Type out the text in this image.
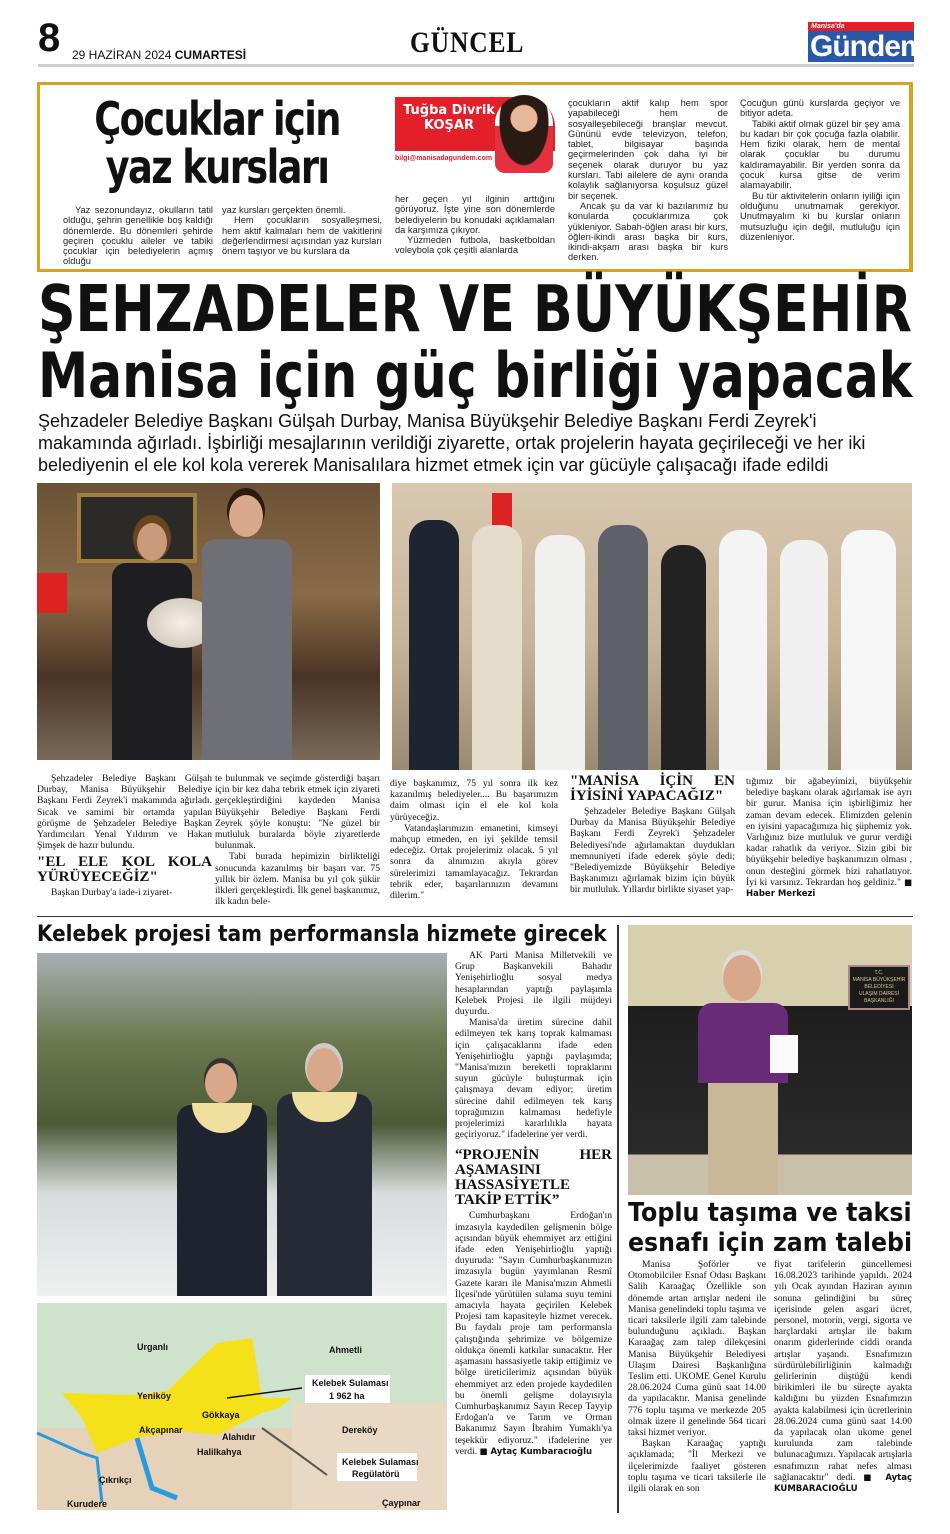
8 29 HAZİRAN 2024 CUMARTESİ	GÜNCEL	Manisa'da
Gündem
Çocuklar için yaz kursları
Tuğba Divrik
KOŞAR
bilgi@manisadagundem.com

Yaz sezonundayız, okulların tatil olduğu, şehrin genellikle boş kaldığı dönemlerde. Bu dönemleri şehirde geçiren çocuklu aileler ve tabiki çocuklar için belediyelerin açmış olduğu

yaz kursları gerçekten önemli.

Hem çocukların sosyalleşmesi, hem aktif kalmaları hem de vakitlerini değerlendirmesi açısından yaz kursları önem taşıyor ve bu kurslara da

her geçen yıl ilginin arttığını görüyoruz. İşte yine son dönemlerde belediyelerin bu konudaki açıklamaları da karşımıza çıkıyor.

Yüzmeden futbola, basketboldan voleybola çok çeşitli alanlarda

çocukların aktif kalıp hem spor yapabileceği hem de sosyalleşebileceği branşlar mevcut. Gününü evde televizyon, telefon, tablet, bilgisayar başında geçirmelerinden çok daha iyi bir seçenek olarak duruyor bu yaz kursları. Tabi ailelere de aynı oranda kolaylık sağlanıyorsa koşulsuz güzel bir seçenek.

Ancak şu da var ki bazılarımız bu konularda çocuklarımıza çok yükleniyor. Sabah-öğlen arası bir kurs, öğlen-ikindi arası başka bir kurs, ikindi-akşam arası başka bir kurs derken.

Çocuğun günü kurslarda geçiyor ve bitiyor adeta.

Tabiki aktif olmak güzel bir şey ama bu kadarı bir çok çocuğa fazla olabilir. Hem fiziki olarak, hem de mental olarak çocuklar bu durumu kaldıramayabilir. Bir yerden sonra da çocuk kursa gitse de verim alamayabilir.

Bu tür aktivitelerin onların iyiliği için olduğunu unutmamak gerekiyor. Unutmayalım ki bu kurslar onların mutsuzluğu için değil, mutluluğu için düzenleniyor.

ŞEHZADELER VE BÜYÜKŞEHİR
Manisa için güç birliği yapacak
Şehzadeler Belediye Başkanı Gülşah Durbay, Manisa Büyükşehir Belediye Başkanı Ferdi Zeyrek'i makamında ağırladı. İşbirliği mesajlarının verildiği ziyarette, ortak projelerin hayata geçirileceği ve her iki belediyenin el ele kol kola vererek Manisalılara hizmet etmek için var gücüyle çalışacağı ifade edildi

Şehzadeler Belediye Başkanı Gülşah Durbay, Manisa Büyükşehir Belediye Başkanı Ferdi Zeyrek'i makamında ağırladı. Sıcak ve samimi bir ortamda yapılan görüşme de Şehzadeler Belediye Başkan Yardımcıları Yenal Yıldırım ve Hakan Şimşek de hazır bulundu.

"EL ELE KOL KOLA YÜRÜYECEĞİZ"

Başkan Durbay'a iade-i ziyaret-

te bulunmak ve seçimde gösterdiği başarı için bir kez daha tebrik etmek için ziyareti gerçekleştirdiğini kaydeden Manisa Büyükşehir Belediye Başkanı Ferdi Zeyrek şöyle konuştu: "Ne güzel bir mutluluk buralarda böyle ziyaretlerde bulunmak.

Tabi burada hepimizin birlikteliği sonucunda kazanılmış bir başarı var. 75 yıllık bir özlem. Manisa bu yıl çok şükür ilkleri gerçekleştirdi. İlk genel başkanımız, ilk kadın bele-

diye başkanımız, 75 yıl sonra ilk kez kazanılmış belediyeler.... Bu başarımızın daim olması için el ele kol kola yürüyeceğiz.

Vatandaşlarımızın emanetini, kimseyi mahçup etmeden, en iyi şekilde temsil edeceğiz. Ortak projelerimiz olacak. 5 yıl sonra da alnımızın akıyla görev sürelerimizi tamamlayacağız. Tekrardan tebrik eder, başarılarınızın devamını dilerim."

"MANİSA İÇİN EN İYİSİNİ YAPACAĞIZ"

Şehzadeler Belediye Başkanı Gülşah Durbay da Manisa Büyükşehir Belediye Başkanı Ferdi Zeyrek'i Şehzadeler Belediyesi'nde ağırlamaktan duydukları memnuniyeti ifade ederek şöyle dedi; "Belediyemizde Büyükşehir Belediye Başkanımızı ağırlamak bizim için büyük bir mutluluk. Yıllardır birlikte siyaset yap-

tığımız bir ağabeyimizi, büyükşehir belediye başkanı olarak ağırlamak ise ayrı bir gurur. Manisa için işbirliğimiz her zaman devam edecek. Elimizden gelenin en iyisini yapacağımıza hiç şüphemiz yok. Varlığınız bize mutluluk ve gurur verdiği kadar rahatlık da veriyor. Sizin gibi bir büyükşehir belediye başkanımızın olması , onun desteğini görmek bizi rahatlatıyor. İyi ki varsınız. Tekrardan hoş geldiniz." ■ Haber Merkezi

Kelebek projesi tam performansla hizmete girecek
Urganlı	Ahmetli
Yeniköy
Gökkaya
Akçapınar
Alahıdır
Dereköy
Halilkahya
Çıkrıkçı
Kurudere	Çaypınar
Kelebek Sulaması
1 962 ha
Kelebek Sulaması
Regülatörü

AK Parti Manisa Milletvekili ve Grup Başkanvekili Bahadır Yenişehirlioğlu sosyal medya hesaplarından yaptığı paylaşımla Kelebek Projesi ile ilgili müjdeyi duyurdu.

Manisa'da üretim sürecine dahil edilmeyen tek karış toprak kalmaması için çalışacaklarını ifade eden Yenişehirlioğlu yaptığı paylaşımda; "Manisa'mızın bereketli topraklarını suyun gücüyle buluşturmak için çalışmaya devam ediyor; üretim sürecine dahil edilmeyen tek karış toprağımızın kalmaması hedefiyle projelerimizi kararlılıkla hayata geçiriyoruz." ifadelerine yer verdi.

“PROJENİN HER AŞAMASINI HASSASİYETLE TAKİP ETTİK”

Cumhurbaşkanı Erdoğan'ın imzasıyla kaydedilen gelişmenin bölge açısından büyük ehemmiyet arz ettiğini ifade eden Yenişehirlioğlu yaptığı duyuruda: "Sayın Cumhurbaşkanımızın imzasıyla bugün yayımlanan Resmî Gazete kararı ile Manisa'mızın Ahmetli İlçesi'nde yürütülen sulama suyu temini amacıyla hayata geçirilen Kelebek Projesi tam kapasiteyle hizmet verecek. Bu faydalı proje tam performansla çalıştığında şehrimize ve bölgemize oldukça önemli katkılar sunacaktır. Her aşamasını hassasiyetle takip ettiğimiz ve bölge üreticilerimiz açısından büyük ehemmiyet arz eden projede kaydedilen bu önemli gelişme dolayısıyla Cumhurbaşkanımız Sayın Recep Tayyip Erdoğan'a ve Tarım ve Orman Bakanımız Sayın İbrahim Yumaklı'ya teşekkür ediyoruz." ifadelerine yer verdi. ■ Aytaç Kumbaracıoğlu

T.C.
MANİSA BÜYÜKŞEHİR BELEDİYESİ
ULAŞIM DAİRESİ BAŞKANLIĞI
Toplu taşıma ve taksi
esnafı için zam talebi

Manisa Şoförler ve Otomobilciler Esnaf Odası Başkanı Salih Karaağaç Özellikle son dönemde artan artışlar nedeni ile Manisa genelindeki toplu taşıma ve ticari taksilerle ilgili zam talebinde bulunduğunu açıkladı. Başkan Karaağaç zam talep dilekçesini Manisa Büyükşehir Belediyesi Ulaşım Dairesi Başkanlığına Teslim etti. UKOME Genel Kurulu 28.06.2024 Cuma günü saat 14.00 da yapılacaktır. Manisa genelinde 776 toplu taşıma ve merkezde 205 olmak üzere il genelinde 564 ticari taksi hizmet veriyor.

Başkan Karaağaç yaptığı açıklamada; "İl Merkezi ve ilçelerimizde faaliyet gösteren toplu taşıma ve ticari taksilerle ile ilgili olarak en son

fiyat tarifelerin güncellemesi 16.08.2023 tarihinde yapıldı. 2024 yılı Ocak ayından Haziran ayının sonuna gelindiğini bu süreç içerisinde gelen asgari ücret, personel, motorin, vergi, sigorta ve harçlardaki artışlar ile bakım onarım giderlerinde ciddi oranda artışlar yaşandı. Esnafımızın sürdürülebilirliğinin kalmadığı gelirlerinin düştüğü kendi birikimleri ile bu süreçte ayakta kaldığını bu yüzden Esnafımızın ayakta kalabilmesi için ücretlerinin 28.06.2024 cuma günü saat 14.00 da yapılacak olan ukome genel kurulunda zam talebinde bulunacağımızı. Yapılacak artışlarla esnafımızın rahat nefes alması sağlanacaktır" dedi. ■ Aytaç KUMBARACIOĞLU
